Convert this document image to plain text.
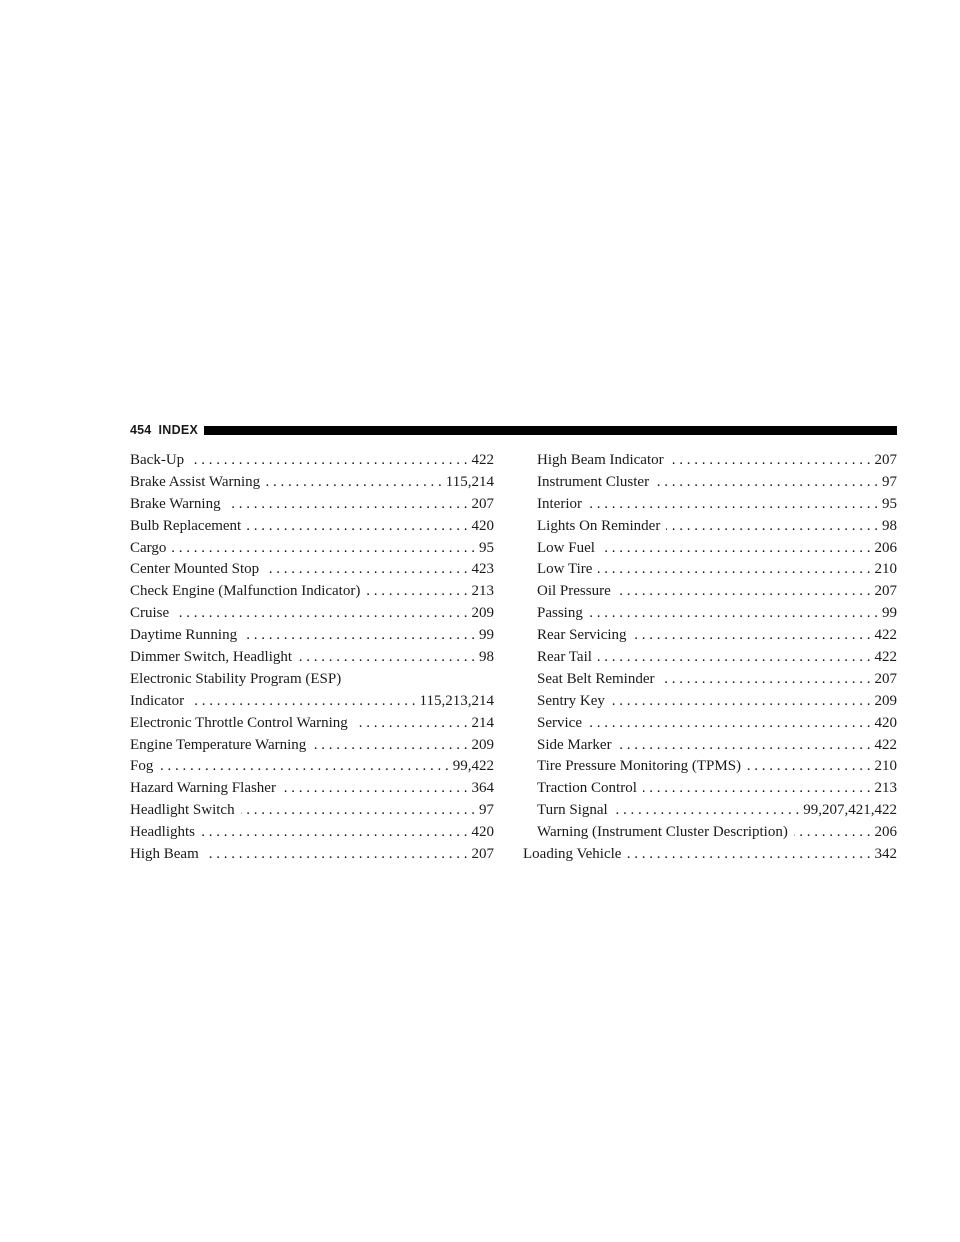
454 INDEX
Back-Up . . .	422
Brake Assist Warning . . .	115,214
Brake Warning . . .	207
Bulb Replacement . . .	420
Cargo . . .	95
Center Mounted Stop . . .	423
Check Engine (Malfunction Indicator) . . .	213
Cruise . . .	209
Daytime Running . . .	99
Dimmer Switch, Headlight . . .	98
Electronic Stability Program (ESP)
Indicator . . .	115,213,214
Electronic Throttle Control Warning . . .	214
Engine Temperature Warning . . .	209
Fog . . .	99,422
Hazard Warning Flasher . . .	364
Headlight Switch . . .	97
Headlights . . .	420
High Beam . . .	207
High Beam Indicator . . .	207
Instrument Cluster . . .	97
Interior . . .	95
Lights On Reminder . . .	98
Low Fuel . . .	206
Low Tire . . .	210
Oil Pressure . . .	207
Passing . . .	99
Rear Servicing . . .	422
Rear Tail . . .	422
Seat Belt Reminder . . .	207
Sentry Key . . .	209
Service . . .	420
Side Marker . . .	422
Tire Pressure Monitoring (TPMS) . . .	210
Traction Control . . .	213
Turn Signal . . .	99,207,421,422
Warning (Instrument Cluster Description) . . .	206
Loading Vehicle . . .	342
